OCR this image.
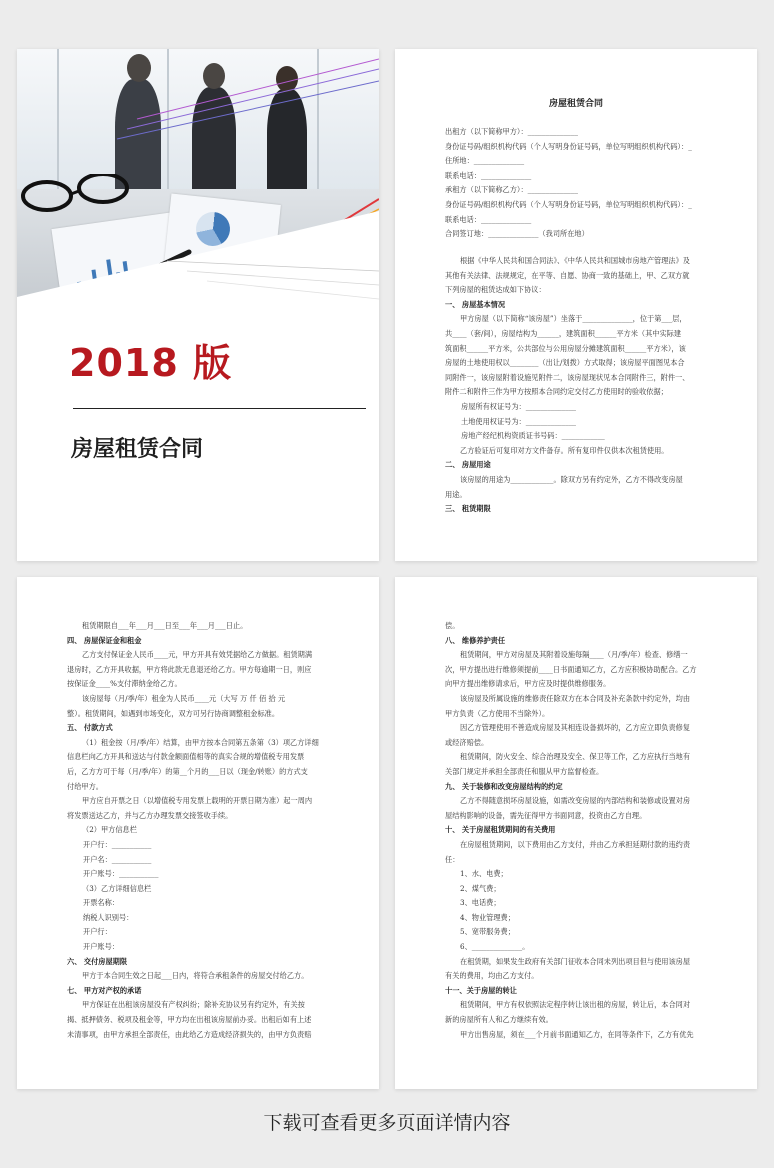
2018 版
房屋租赁合同
房屋租赁合同

出租方（以下简称甲方）：______________

身份证号码/组织机构代码（个人写明身份证号码，单位写明组织机构代码）：_

住所地：______________

联系电话：______________

承租方（以下简称乙方）：______________

身份证号码/组织机构代码（个人写明身份证号码，单位写明组织机构代码）：_

联系电话：______________

合同签订地：______________（我司所在地）

根据《中华人民共和国合同法》、《中华人民共和国城市房地产管理法》及

其他有关法律、法规规定，在平等、自愿、协商一致的基础上，甲、乙双方就

下列房屋的租赁达成如下协议：

一、 房屋基本情况

甲方房屋（以下简称“该房屋”）坐落于______________，位于第___层，

共____（套/间），房屋结构为______，建筑面积______平方米（其中实际建

筑面积______平方米，公共部位与公用房屋分摊建筑面积______平方米），该

房屋的土地使用权以________（出让/划拨）方式取得；该房屋平面图见本合

同附件一，该房屋附着设施见附件二，该房屋现状见本合同附件三，附件一、

附件二和附件三作为甲方按照本合同约定交付乙方使用时的验收依据；

房屋所有权证号为：______________

土地使用权证号为：______________

房地产经纪机构资质证书号码：____________

乙方验证后可复印对方文件备存。所有复印件仅供本次租赁使用。

二、 房屋用途

该房屋的用途为____________。除双方另有约定外，乙方不得改变房屋

用途。

三、 租赁期限

租赁期限自___年___月___日至___年___月___日止。

四、 房屋保证金和租金

乙方支付保证金人民币____元，甲方开具有效凭据给乙方做据。租赁期满

退房时，乙方开具收据，甲方将此款无息退还给乙方。甲方每逾期一日，则应

按保证金____%支付滞纳金给乙方。

该房屋每（月/季/年）租金为人民币____元（大写 万 仟 佰 拾 元

整）。租赁期间，如遇到市场变化，双方可另行协商调整租金标准。

五、 付款方式

（1）租金按（月/季/年）结算，由甲方按本合同第五条第（3）项乙方详细

信息栏向乙方开具和送达与付款金额面值相等的真实合规的增值税专用发票

后，乙方方可于每（月/季/年）的第__个月的___日以（现金/转账）的方式支

付给甲方。

甲方应自开票之日（以增值税专用发票上载明的开票日期为准）起一周内

将发票送达乙方，并与乙方办理发票交接签收手续。

（2）甲方信息栏

开户行：___________

开户名：___________

开户账号：___________

（3）乙方详细信息栏

开票名称：

纳税人识别号：

开户行：

开户账号：

六、 交付房屋期限

甲方于本合同生效之日起___日内，将符合承租条件的房屋交付给乙方。

七、 甲方对产权的承诺

甲方保证在出租该房屋没有产权纠纷；除补充协议另有约定外，有关按

揭、抵押债务、税项及租金等，甲方均在出租该房屋前办妥。出租后如有上述

未清事项，由甲方承担全部责任，由此给乙方造成经济损失的，由甲方负责赔

偿。

八、 维修养护责任

租赁期间，甲方对房屋及其附着设施每隔____（月/季/年）检查、修缮一

次，甲方提出进行维修须提前____日书面通知乙方，乙方应积极协助配合。乙方

向甲方提出维修请求后，甲方应及时提供维修服务。

该房屋及所属设施的维修责任除双方在本合同及补充条款中约定外，均由

甲方负责（乙方使用不当除外）。

因乙方管理使用不善造成房屋及其相连设备损坏的，乙方应立即负责修复

或经济赔偿。

租赁期间，防火安全、综合治理及安全、保卫等工作，乙方应执行当地有

关部门规定并承担全部责任和服从甲方监督检查。

九、 关于装修和改变房屋结构的约定

乙方不得随意损坏房屋设施，如需改变房屋的内部结构和装修或设置对房

屋结构影响的设备，需先征得甲方书面同意，投资由乙方自理。

十、 关于房屋租赁期间的有关费用

在房屋租赁期间，以下费用由乙方支付，并由乙方承担延期付款的违约责

任：

1、水、电费；

2、煤气费；

3、电话费；

4、物业管理费；

5、宽带服务费；

6、______________。

在租赁期，如果发生政府有关部门征收本合同未列出项目但与使用该房屋

有关的费用，均由乙方支付。

十一、关于房屋的转让

租赁期间，甲方有权依照法定程序转让该出租的房屋，转让后，本合同对

新的房屋所有人和乙方继续有效。

甲方出售房屋，须在___个月前书面通知乙方，在同等条件下，乙方有优先

下载可查看更多页面详情内容
